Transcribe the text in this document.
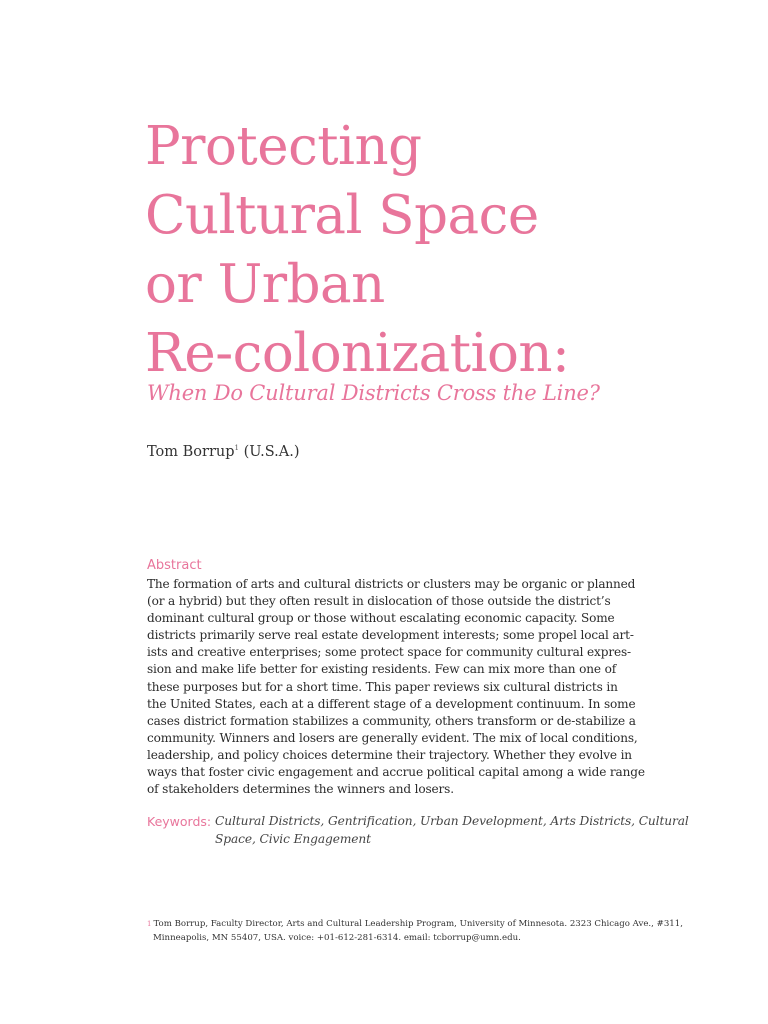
Protecting
Cultural Space
or Urban
Re-colonization:
When Do Cultural Districts Cross the Line?
Tom Borrup$^1$ (U.S.A.)
Abstract
The formation of arts and cultural districts or clusters may be organic or planned
(or a hybrid) but they often result in dislocation of those outside the district’s
dominant cultural group or those without escalating economic capacity. Some
districts primarily serve real estate development interests; some propel local art-
ists and creative enterprises; some protect space for community cultural expres-
sion and make life better for existing residents. Few can mix more than one of
these purposes but for a short time. This paper reviews six cultural districts in
the United States, each at a different stage of a development continuum. In some
cases district formation stabilizes a community, others transform or de-stabilize a
community. Winners and losers are generally evident. The mix of local conditions,
leadership, and policy choices determine their trajectory. Whether they evolve in
ways that foster civic engagement and accrue political capital among a wide range
of stakeholders determines the winners and losers.
Keywords: Cultural Districts, Gentrification, Urban Development, Arts Districts, Cultural
Space, Civic Engagement
1 Tom Borrup, Faculty Director, Arts and Cultural Leadership Program, University of Minnesota. 2323 Chicago Ave., #311,
Minneapolis, MN 55407, USA. voice: +01-612-281-6314. email: tcborrup@umn.edu.
